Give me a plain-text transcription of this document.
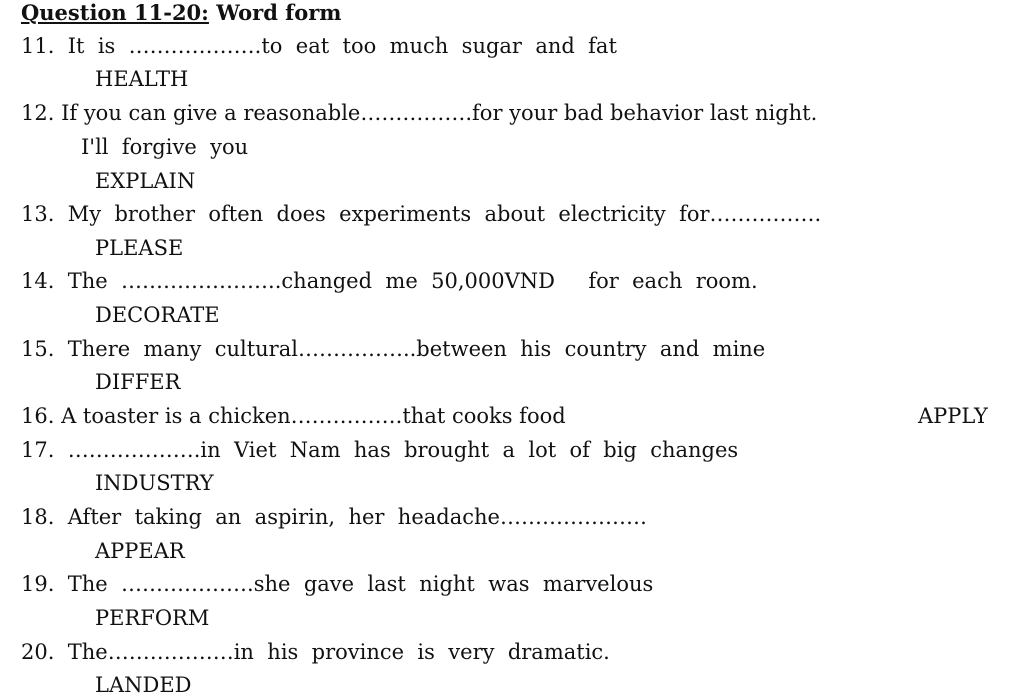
Question 11-20: Word form
11.  It  is  ……………….to  eat  too  much  sugar  and  fat
HEALTH
12. If you can give a reasonable…………….for your bad behavior last night.
I'll  forgive  you
EXPLAIN
13.  My  brother  often  does  experiments  about  electricity  for…………….
PLEASE
14.  The  …………………..changed  me  50,000VND     for  each  room.
DECORATE
15.  There  many  cultural……………..between  his  country  and  mine
DIFFER
16. A toaster is a chicken…………….that cooks food	APPLY
17.  ……………….in  Viet  Nam  has  brought  a  lot  of  big  changes
INDUSTRY
18.  After  taking  an  aspirin,  her  headache…………………
APPEAR
19.  The  ……………….she  gave  last  night  was  marvelous
PERFORM
20.  The………………in  his  province  is  very  dramatic.
LANDED
